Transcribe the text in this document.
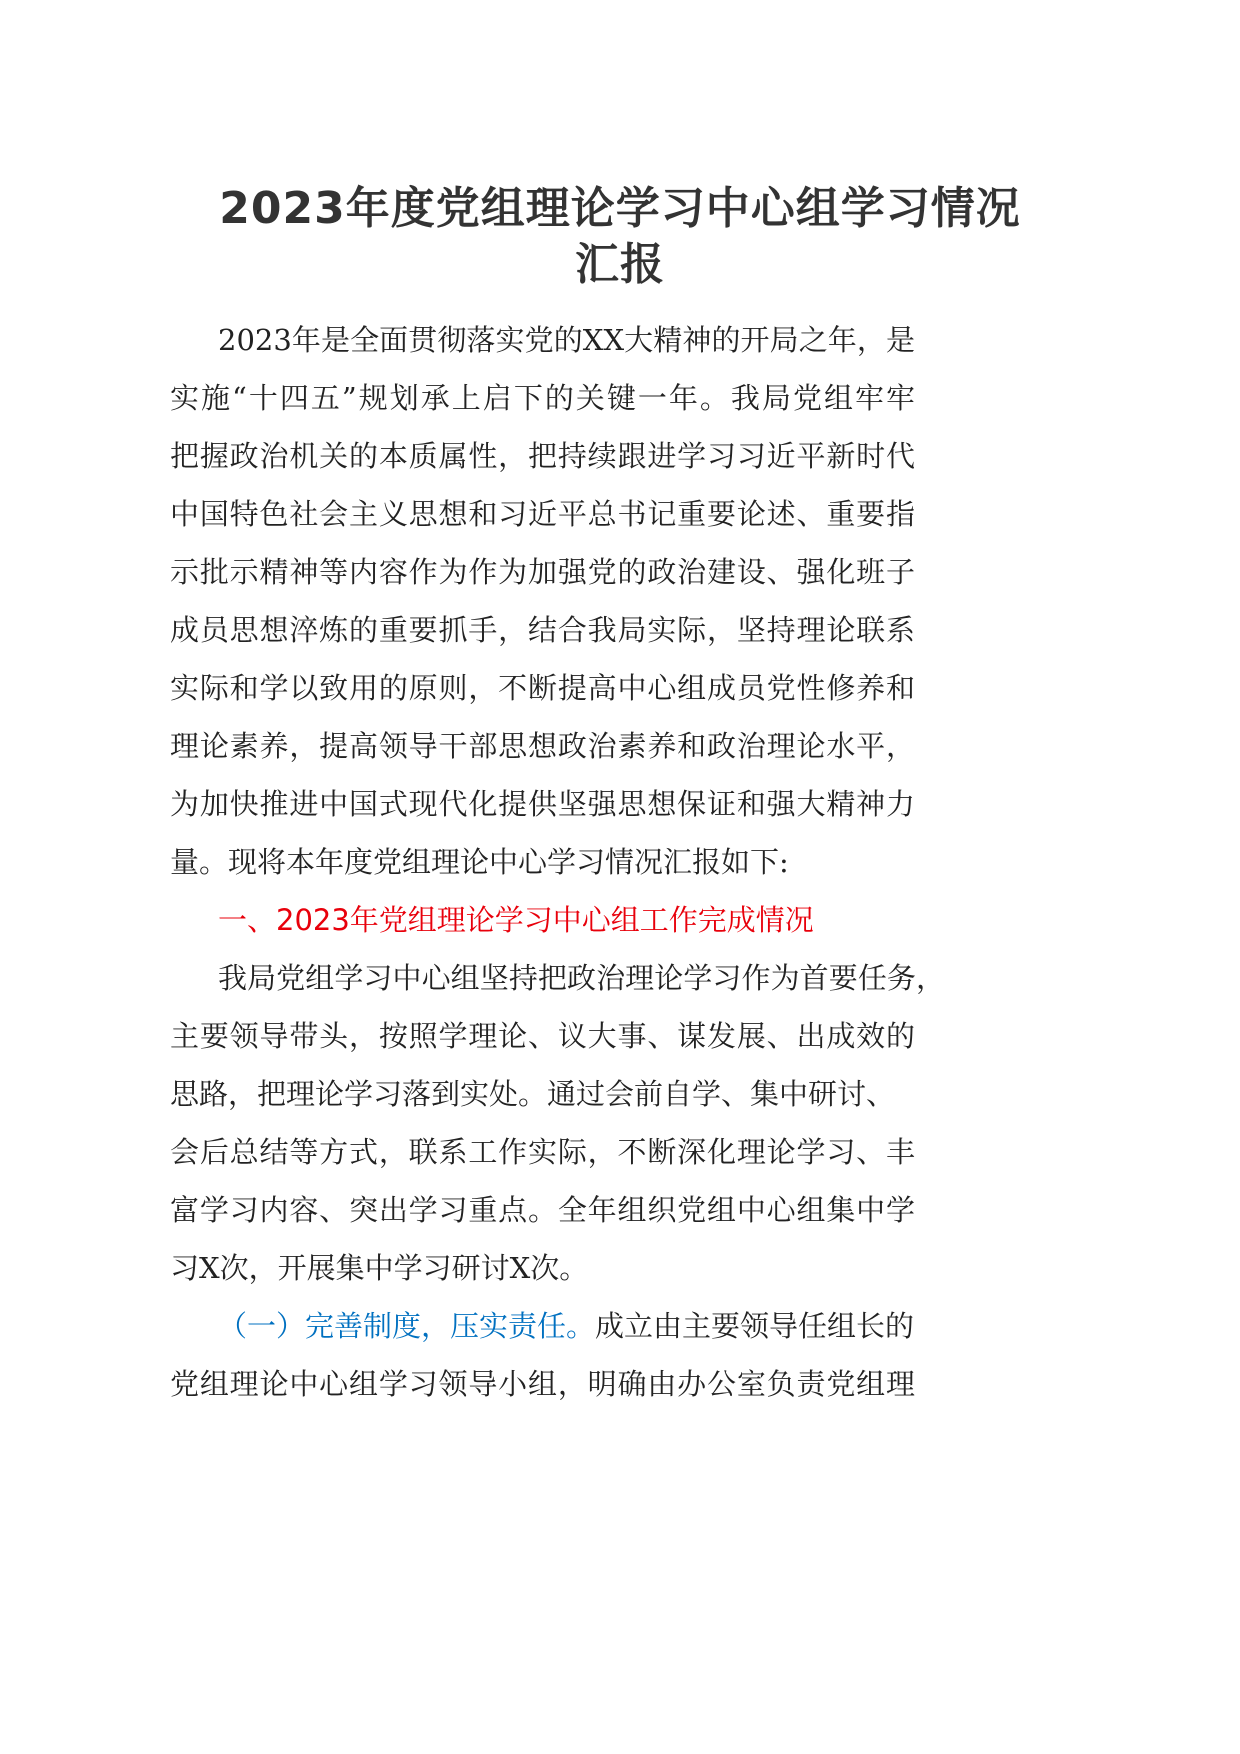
2023年度党组理论学习中心组学习情况
汇报
2023年是全面贯彻落实党的XX大精神的开局之年，是
实施“十四五”规划承上启下的关键一年。我局党组牢牢
把握政治机关的本质属性，把持续跟进学习习近平新时代
中国特色社会主义思想和习近平总书记重要论述、重要指
示批示精神等内容作为作为加强党的政治建设、强化班子
成员思想淬炼的重要抓手，结合我局实际，坚持理论联系
实际和学以致用的原则，不断提高中心组成员党性修养和
理论素养，提高领导干部思想政治素养和政治理论水平，
为加快推进中国式现代化提供坚强思想保证和强大精神力
量。现将本年度党组理论中心学习情况汇报如下:
一、2023年党组理论学习中心组工作完成情况
我局党组学习中心组坚持把政治理论学习作为首要任务，
主要领导带头，按照学理论、议大事、谋发展、出成效的
思路，把理论学习落到实处。通过会前自学、集中研讨、
会后总结等方式，联系工作实际，不断深化理论学习、丰
富学习内容、突出学习重点。全年组织党组中心组集中学
习X次，开展集中学习研讨X次。
（一）完善制度，压实责任。成立由主要领导任组长的
党组理论中心组学习领导小组，明确由办公室负责党组理
